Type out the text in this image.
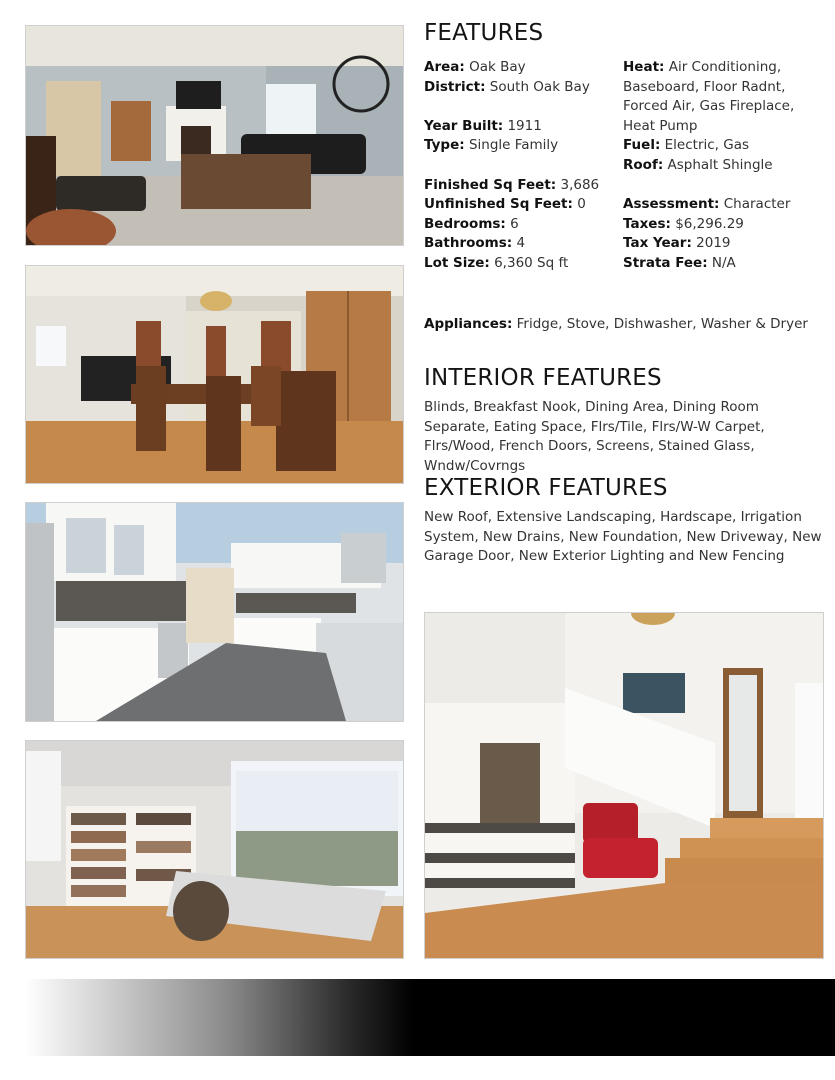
FEATURES
Area: Oak Bay
District: South Oak Bay
Year Built: 1911
Type: Single Family
Finished Sq Feet: 3,686
Unfinished Sq Feet: 0
Bedrooms: 6
Bathrooms: 4
Lot Size: 6,360 Sq ft
Heat: Air Conditioning, Baseboard, Floor Radnt, Forced Air, Gas Fireplace, Heat Pump
Fuel: Electric, Gas
Roof: Asphalt Shingle
Assessment: Character
Taxes: $6,296.29
Tax Year: 2019
Strata Fee: N/A
Appliances: Fridge, Stove, Dishwasher, Washer & Dryer
INTERIOR FEATURES
Blinds, Breakfast Nook, Dining Area, Dining Room Separate, Eating Space, Flrs/Tile, Flrs/W-W Carpet, Flrs/Wood, French Doors, Screens, Stained Glass, Wndw/Covrngs
EXTERIOR FEATURES
New Roof, Extensive Landscaping, Hardscape, Irrigation System, New Drains, New Foundation, New Driveway, New Garage Door, New Exterior Lighting and New Fencing
